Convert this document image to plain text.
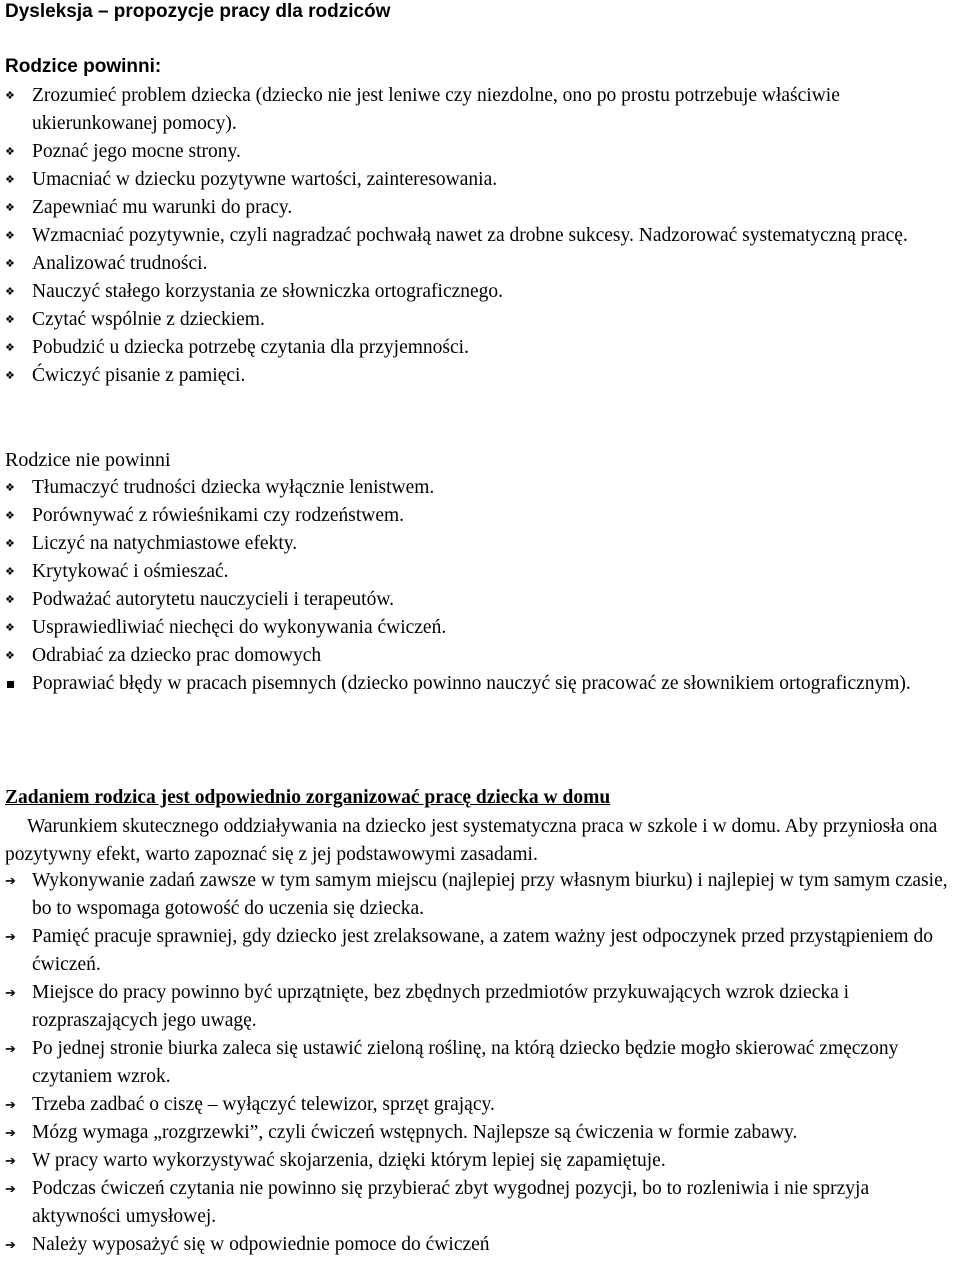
Dysleksja – propozycje pracy dla rodziców
Rodzice powinni:
❖ Zrozumieć problem dziecka (dziecko nie jest leniwe czy niezdolne, ono po prostu potrzebuje właściwie ukierunkowanej pomocy).
❖ Poznać jego mocne strony.
❖ Umacniać w dziecku pozytywne wartości, zainteresowania.
❖ Zapewniać mu warunki do pracy.
❖ Wzmacniać pozytywnie, czyli nagradzać pochwałą nawet za drobne sukcesy. Nadzorować systematyczną pracę.
❖ Analizować trudności.
❖ Nauczyć stałego korzystania ze słowniczka ortograficznego.
❖ Czytać wspólnie z dzieckiem.
❖ Pobudzić u dziecka potrzebę czytania dla przyjemności.
❖ Ćwiczyć pisanie z pamięci.
Rodzice nie powinni
❖ Tłumaczyć trudności dziecka wyłącznie lenistwem.
❖ Porównywać z rówieśnikami czy rodzeństwem.
❖ Liczyć na natychmiastowe efekty.
❖ Krytykować i ośmieszać.
❖ Podważać autorytetu nauczycieli i terapeutów.
❖ Usprawiedliwiać niechęci do wykonywania ćwiczeń.
❖ Odrabiać za dziecko prac domowych
Poprawiać błędy w pracach pisemnych (dziecko powinno nauczyć się pracować ze słownikiem ortograficznym).
Zadaniem rodzica jest odpowiednio zorganizować pracę dziecka w domu
Warunkiem skutecznego oddziaływania na dziecko jest systematyczna praca w szkole i w domu. Aby przyniosła ona pozytywny efekt, warto zapoznać się z jej podstawowymi zasadami.
➔ Wykonywanie zadań zawsze w tym samym miejscu (najlepiej przy własnym biurku) i najlepiej w tym samym czasie, bo to wspomaga gotowość do uczenia się dziecka.
➔ Pamięć pracuje sprawniej, gdy dziecko jest zrelaksowane, a zatem ważny jest odpoczynek przed przystąpieniem do ćwiczeń.
➔ Miejsce do pracy powinno być uprzątnięte, bez zbędnych przedmiotów przykuwających wzrok dziecka i rozpraszających jego uwagę.
➔ Po jednej stronie biurka zaleca się ustawić zieloną roślinę, na którą dziecko będzie mogło skierować zmęczony czytaniem wzrok.
➔ Trzeba zadbać o ciszę – wyłączyć telewizor, sprzęt grający.
➔ Mózg wymaga „rozgrzewki”, czyli ćwiczeń wstępnych. Najlepsze są ćwiczenia w formie zabawy.
➔ W pracy warto wykorzystywać skojarzenia, dzięki którym lepiej się zapamiętuje.
➔ Podczas ćwiczeń czytania nie powinno się przybierać zbyt wygodnej pozycji, bo to rozleniwia i nie sprzyja aktywności umysłowej.
➔ Należy wyposażyć się w odpowiednie pomoce do ćwiczeń
